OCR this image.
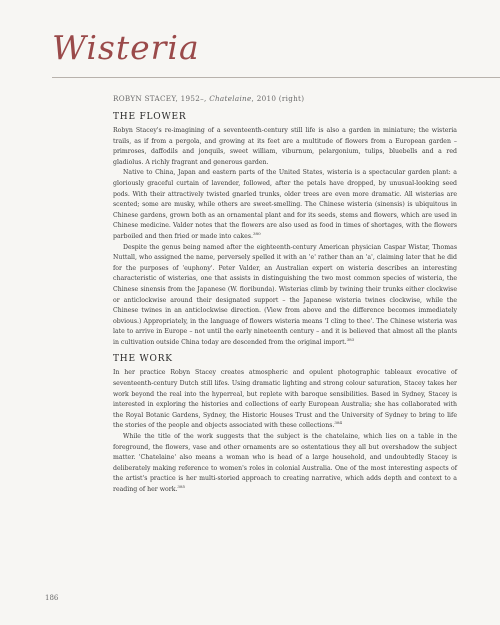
Wisteria
ROBYN STACEY, 1952–, Chatelaine, 2010 (right)
THE FLOWER

Robyn Stacey's re-imagining of a seventeenth-century still life is also a garden in miniature; the wisteria trails, as if from a pergola, and growing at its feet are a multitude of flowers from a European garden – primroses, daffodils and jonquils, sweet william, viburnum, pelargonium, tulips, bluebells and a red gladiolus. A richly fragrant and generous garden.

Native to China, Japan and eastern parts of the United States, wisteria is a spectacular garden plant: a gloriously graceful curtain of lavender, followed, after the petals have dropped, by unusual-looking seed pods. With their attractively twisted gnarled trunks, older trees are even more dramatic. All wisterias are scented; some are musky, while others are sweet-smelling. The Chinese wisteria (sinensis) is ubiquitous in Chinese gardens, grown both as an ornamental plant and for its seeds, stems and flowers, which are used in Chinese medicine. Valder notes that the flowers are also used as food in times of shortages, with the flowers parboiled and then fried or made into cakes.$^{380}$

Despite the genus being named after the eighteenth-century American physician Caspar Wistar, Thomas Nuttall, who assigned the name, perversely spelled it with an 'e' rather than an 'a', claiming later that he did for the purposes of 'euphony'. Peter Valder, an Australian expert on wisteria describes an interesting characteristic of wisterias, one that assists in distinguishing the two most common species of wisteria, the Chinese sinensis from the Japanese (W. floribunda). Wisterias climb by twining their trunks either clockwise or anticlockwise around their designated support – the Japanese wisteria twines clockwise, while the Chinese twines in an anticlockwise direction. (View from above and the difference becomes immediately obvious.) Appropriately, in the language of flowers wisteria means 'I cling to thee'. The Chinese wisteria was late to arrive in Europe – not until the early nineteenth century – and it is believed that almost all the plants in cultivation outside China today are descended from the original import.$^{383}$

THE WORK

In her practice Robyn Stacey creates atmospheric and opulent photographic tableaux evocative of seventeenth-century Dutch still lifes. Using dramatic lighting and strong colour saturation, Stacey takes her work beyond the real into the hyperreal, but replete with baroque sensibilities. Based in Sydney, Stacey is interested in exploring the histories and collections of early European Australia; she has collaborated with the Royal Botanic Gardens, Sydney, the Historic Houses Trust and the University of Sydney to bring to life the stories of the people and objects associated with these collections.$^{384}$

While the title of the work suggests that the subject is the chatelaine, which lies on a table in the foreground, the flowers, vase and other ornaments are so ostentatious they all but overshadow the subject matter. 'Chatelaine' also means a woman who is head of a large household, and undoubtedly Stacey is deliberately making reference to women's roles in colonial Australia. One of the most interesting aspects of the artist's practice is her multi-storied approach to creating narrative, which adds depth and context to a reading of her work.$^{385}$

186
